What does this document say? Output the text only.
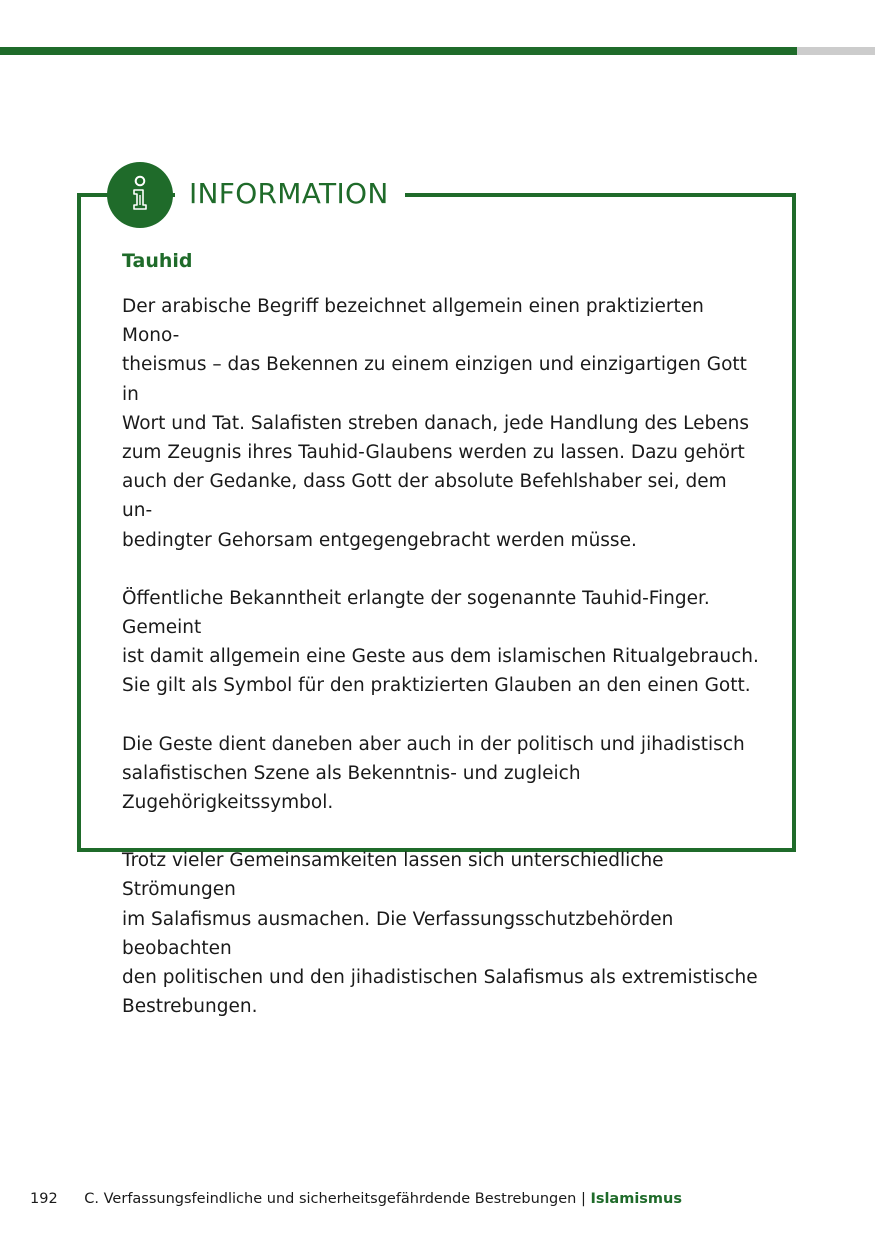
INFORMATION
Tauhid
Der arabische Begriff bezeichnet allgemein einen praktizierten Mono-
theismus – das Bekennen zu einem einzigen und einzigartigen Gott in
Wort und Tat. Salafisten streben danach, jede Handlung des Lebens
zum Zeugnis ihres Tauhid-Glaubens werden zu lassen. Dazu gehört
auch der Gedanke, dass Gott der absolute Befehlshaber sei, dem un-
bedingter Gehorsam entgegengebracht werden müsse.
Öffentliche Bekanntheit erlangte der sogenannte Tauhid-Finger. Gemeint
ist damit allgemein eine Geste aus dem islamischen Ritualgebrauch.
Sie gilt als Symbol für den praktizierten Glauben an den einen Gott.
Die Geste dient daneben aber auch in der politisch und jihadistisch
salafistischen Szene als Bekenntnis- und zugleich Zugehörigkeitssymbol.
Trotz vieler Gemeinsamkeiten lassen sich unterschiedliche Strömungen
im Salafismus ausmachen. Die Verfassungsschutzbehörden beobachten
den politischen und den jihadistischen Salafismus als extremistische
Bestrebungen.
192 C. Verfassungsfeindliche und sicherheitsgefährdende Bestrebungen | Islamismus
